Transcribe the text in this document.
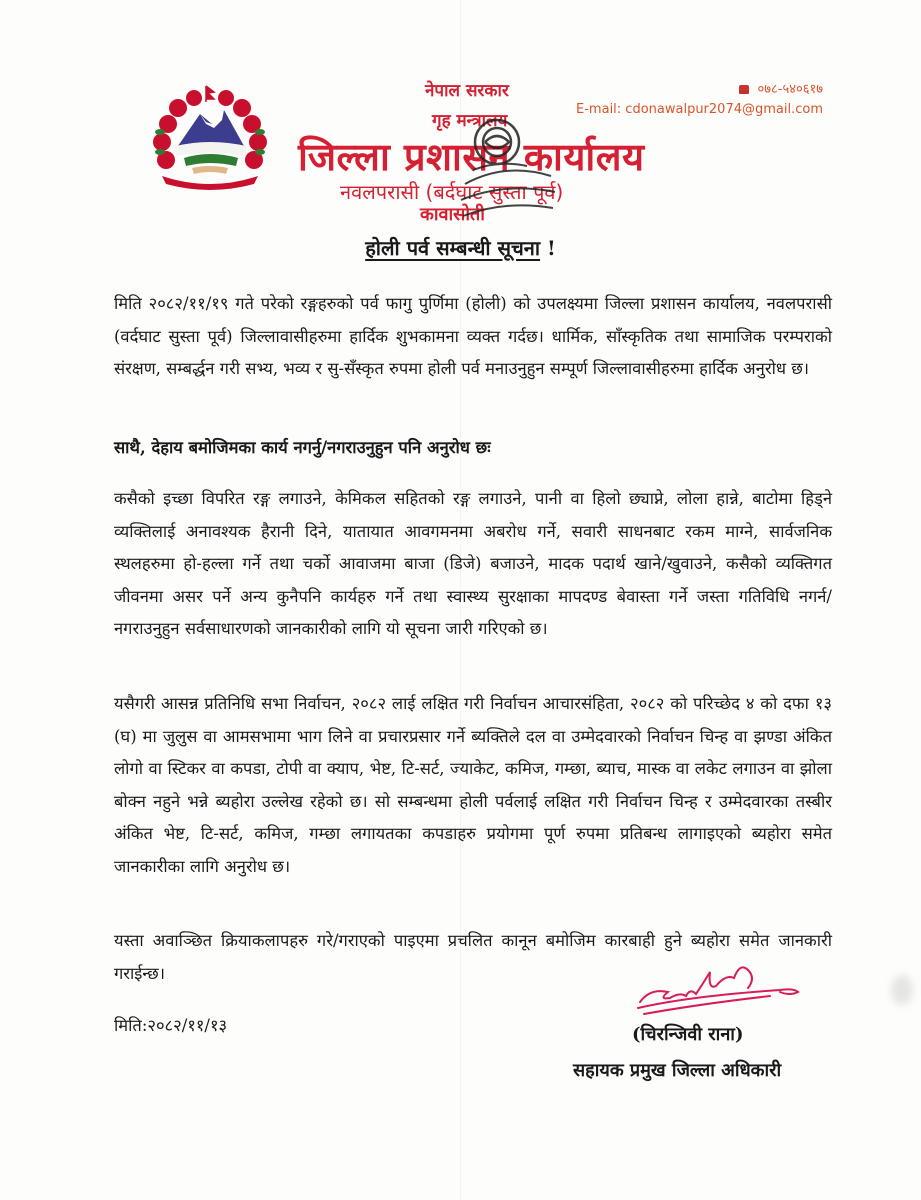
नेपाल सरकार
गृह मन्त्रालय
जिल्ला प्रशासन कार्यालय
नवलपरासी (बर्दघाट सुस्ता पूर्व)
कावासोती
०७८-५४०६१७
E-mail: cdonawalpur2074@gmail.com
होली पर्व सम्बन्धी सूचना !

मिति २०८२/११/१९ गते परेको रङ्गहरुको पर्व फागु पुर्णिमा (होली) को उपलक्ष्यमा जिल्ला प्रशासन कार्यालय, नवलपरासी (वर्दघाट सुस्ता पूर्व) जिल्लावासीहरुमा हार्दिक शुभकामना व्यक्त गर्दछ। धार्मिक, साँस्कृतिक तथा सामाजिक परम्पराको संरक्षण, सम्बर्द्धन गरी सभ्य, भव्य र सु-सँस्कृत रुपमा होली पर्व मनाउनुहुन सम्पूर्ण जिल्लावासीहरुमा हार्दिक अनुरोध छ।

साथै, देहाय बमोजिमका कार्य नगर्नु/नगराउनुहुन पनि अनुरोध छः

कसैको इच्छा विपरित रङ्ग लगाउने, केमिकल सहितको रङ्ग लगाउने, पानी वा हिलो छ्याप्ने, लोला हान्ने, बाटोमा हिड्ने व्यक्तिलाई अनावश्यक हैरानी दिने, यातायात आवगमनमा अबरोध गर्ने, सवारी साधनबाट रकम माग्ने, सार्वजनिक स्थलहरुमा हो-हल्ला गर्ने तथा चर्को आवाजमा बाजा (डिजे) बजाउने, मादक पदार्थ खाने/खुवाउने, कसैको व्यक्तिगत जीवनमा असर पर्ने अन्य कुनैपनि कार्यहरु गर्ने तथा स्वास्थ्य सुरक्षाका मापदण्ड बेवास्ता गर्ने जस्ता गतिविधि नगर्न/नगराउनुहुन सर्वसाधारणको जानकारीको लागि यो सूचना जारी गरिएको छ।

यसैगरी आसन्न प्रतिनिधि सभा निर्वाचन, २०८२ लाई लक्षित गरी निर्वाचन आचारसंहिता, २०८२ को परिच्छेद ४ को दफा १३ (घ) मा जुलुस वा आमसभामा भाग लिने वा प्रचारप्रसार गर्ने ब्यक्तिले दल वा उम्मेदवारको निर्वाचन चिन्ह वा झण्डा अंकित लोगो वा स्टिकर वा कपडा, टोपी वा क्याप, भेष्ट, टि-सर्ट, ज्याकेट, कमिज, गम्छा, ब्याच, मास्क वा लकेट लगाउन वा झोला बोक्न नहुने भन्ने ब्यहोरा उल्लेख रहेको छ। सो सम्बन्धमा होली पर्वलाई लक्षित गरी निर्वाचन चिन्ह र उम्मेदवारका तस्बीर अंकित भेष्ट, टि-सर्ट, कमिज, गम्छा लगायतका कपडाहरु प्रयोगमा पूर्ण रुपमा प्रतिबन्ध लागाइएको ब्यहोरा समेत जानकारीका लागि अनुरोध छ।

यस्ता अवाञ्छित क्रियाकलापहरु गरे/गराएको पाइएमा प्रचलित कानून बमोजिम कारबाही हुने ब्यहोरा समेत जानकारी गराईन्छ।

मिति:२०८२/११/१३	(चिरन्जिवी राना)
सहायक प्रमुख जिल्ला अधिकारी
